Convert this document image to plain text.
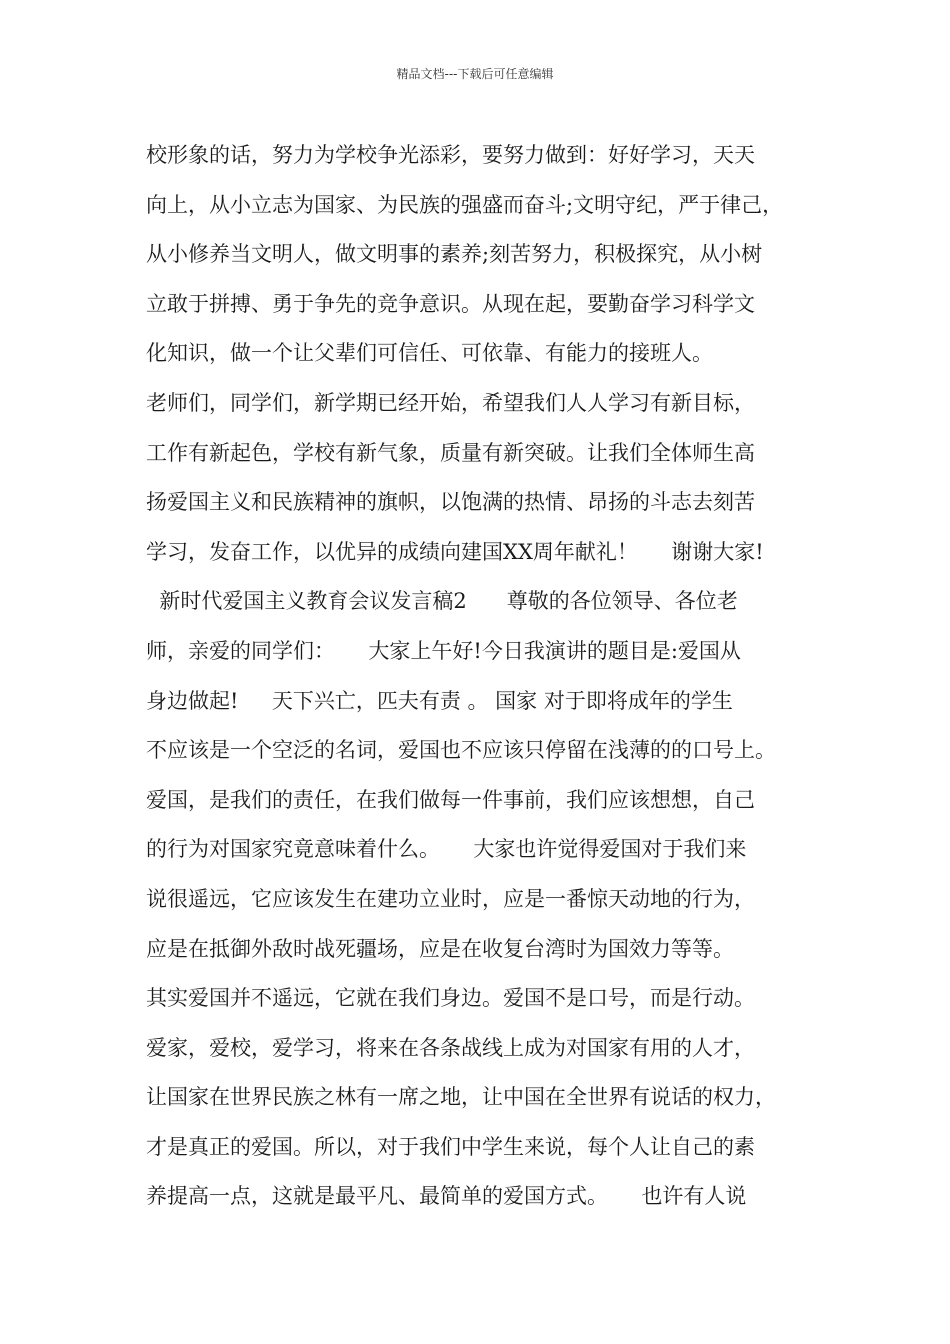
精品文档---下载后可任意编辑
校形象的话，努力为学校争光添彩，要努力做到：好好学习，天天
向上，从小立志为国家、为民族的强盛而奋斗;文明守纪，严于律己，
从小修养当文明人，做文明事的素养;刻苦努力，积极探究，从小树
立敢于拼搏、勇于争先的竞争意识。从现在起，要勤奋学习科学文
化知识，做一个让父辈们可信任、可依靠、有能力的接班人。
老师们，同学们，新学期已经开始，希望我们人人学习有新目标，
工作有新起色，学校有新气象，质量有新突破。让我们全体师生高
扬爱国主义和民族精神的旗帜，以饱满的热情、昂扬的斗志去刻苦
学习，发奋工作，以优异的成绩向建国XX周年献礼！     谢谢大家!
新时代爱国主义教育会议发言稿2      尊敬的各位领导、各位老
师，亲爱的同学们：     大家上午好!今日我演讲的题目是:爱国从
身边做起!     天下兴亡，匹夫有责 。 国家 对于即将成年的学生
不应该是一个空泛的名词，爱国也不应该只停留在浅薄的的口号上。
爱国，是我们的责任，在我们做每一件事前，我们应该想想，自己
的行为对国家究竟意味着什么。     大家也许觉得爱国对于我们来
说很遥远，它应该发生在建功立业时，应是一番惊天动地的行为，
应是在抵御外敌时战死疆场，应是在收复台湾时为国效力等等。
其实爱国并不遥远，它就在我们身边。爱国不是口号，而是行动。
爱家，爱校，爱学习，将来在各条战线上成为对国家有用的人才，
让国家在世界民族之林有一席之地，让中国在全世界有说话的权力，
才是真正的爱国。所以，对于我们中学生来说，每个人让自己的素
养提高一点，这就是最平凡、最简单的爱国方式。     也许有人说
